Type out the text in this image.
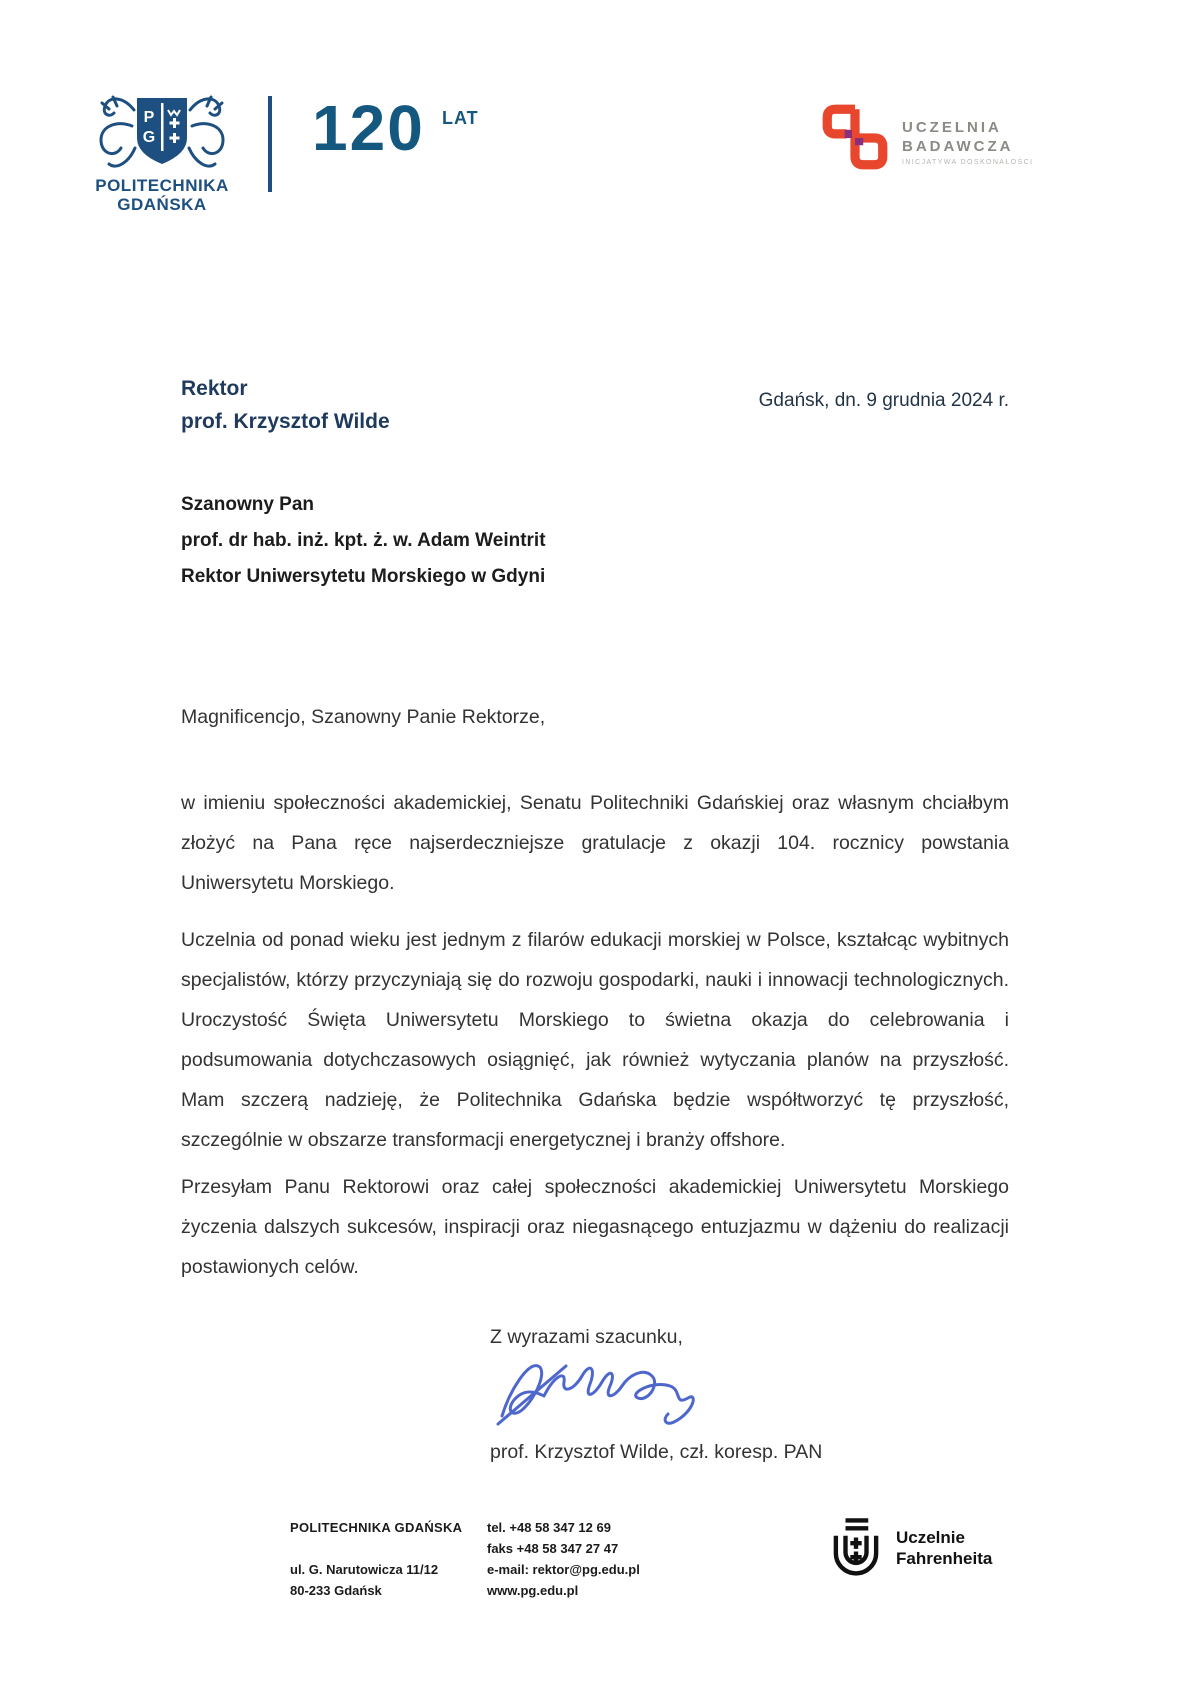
P
G
POLITECHNIKA
GDAŃSKA
120 LAT	UCZELNIA
BADAWCZA
INICJATYWA DOSKONAŁOŚCI
Rektor
prof. Krzysztof Wilde
Gdańsk, dn. 9 grudnia 2024 r.
Szanowny Pan
prof. dr hab. inż. kpt. ż. w. Adam Weintrit
Rektor Uniwersytetu Morskiego w Gdyni
Magnificencjo, Szanowny Panie Rektorze,

w imieniu społeczności akademickiej, Senatu Politechniki Gdańskiej oraz własnym chciałbym złożyć na Pana ręce najserdeczniejsze gratulacje z okazji 104. rocznicy powstania Uniwersytetu Morskiego.

Uczelnia od ponad wieku jest jednym z filarów edukacji morskiej w Polsce, kształcąc wybitnych specjalistów, którzy przyczyniają się do rozwoju gospodarki, nauki i innowacji technologicznych. Uroczystość Święta Uniwersytetu Morskiego to świetna okazja do celebrowania i podsumowania dotychczasowych osiągnięć, jak również wytyczania planów na przyszłość. Mam szczerą nadzieję, że Politechnika Gdańska będzie współtworzyć tę przyszłość, szczególnie w obszarze transformacji energetycznej i branży offshore.

Przesyłam Panu Rektorowi oraz całej społeczności akademickiej Uniwersytetu Morskiego życzenia dalszych sukcesów, inspiracji oraz niegasnącego entuzjazmu w dążeniu do realizacji postawionych celów.

Z wyrazami szacunku,
prof. Krzysztof Wilde, czł. koresp. PAN
POLITECHNIKA GDAŃSKA
ul. G. Narutowicza 11/12
80-233 Gdańsk
tel. +48 58 347 12 69
faks +48 58 347 27 47
e-mail: rektor@pg.edu.pl
www.pg.edu.pl
Uczelnie
Fahrenheita
